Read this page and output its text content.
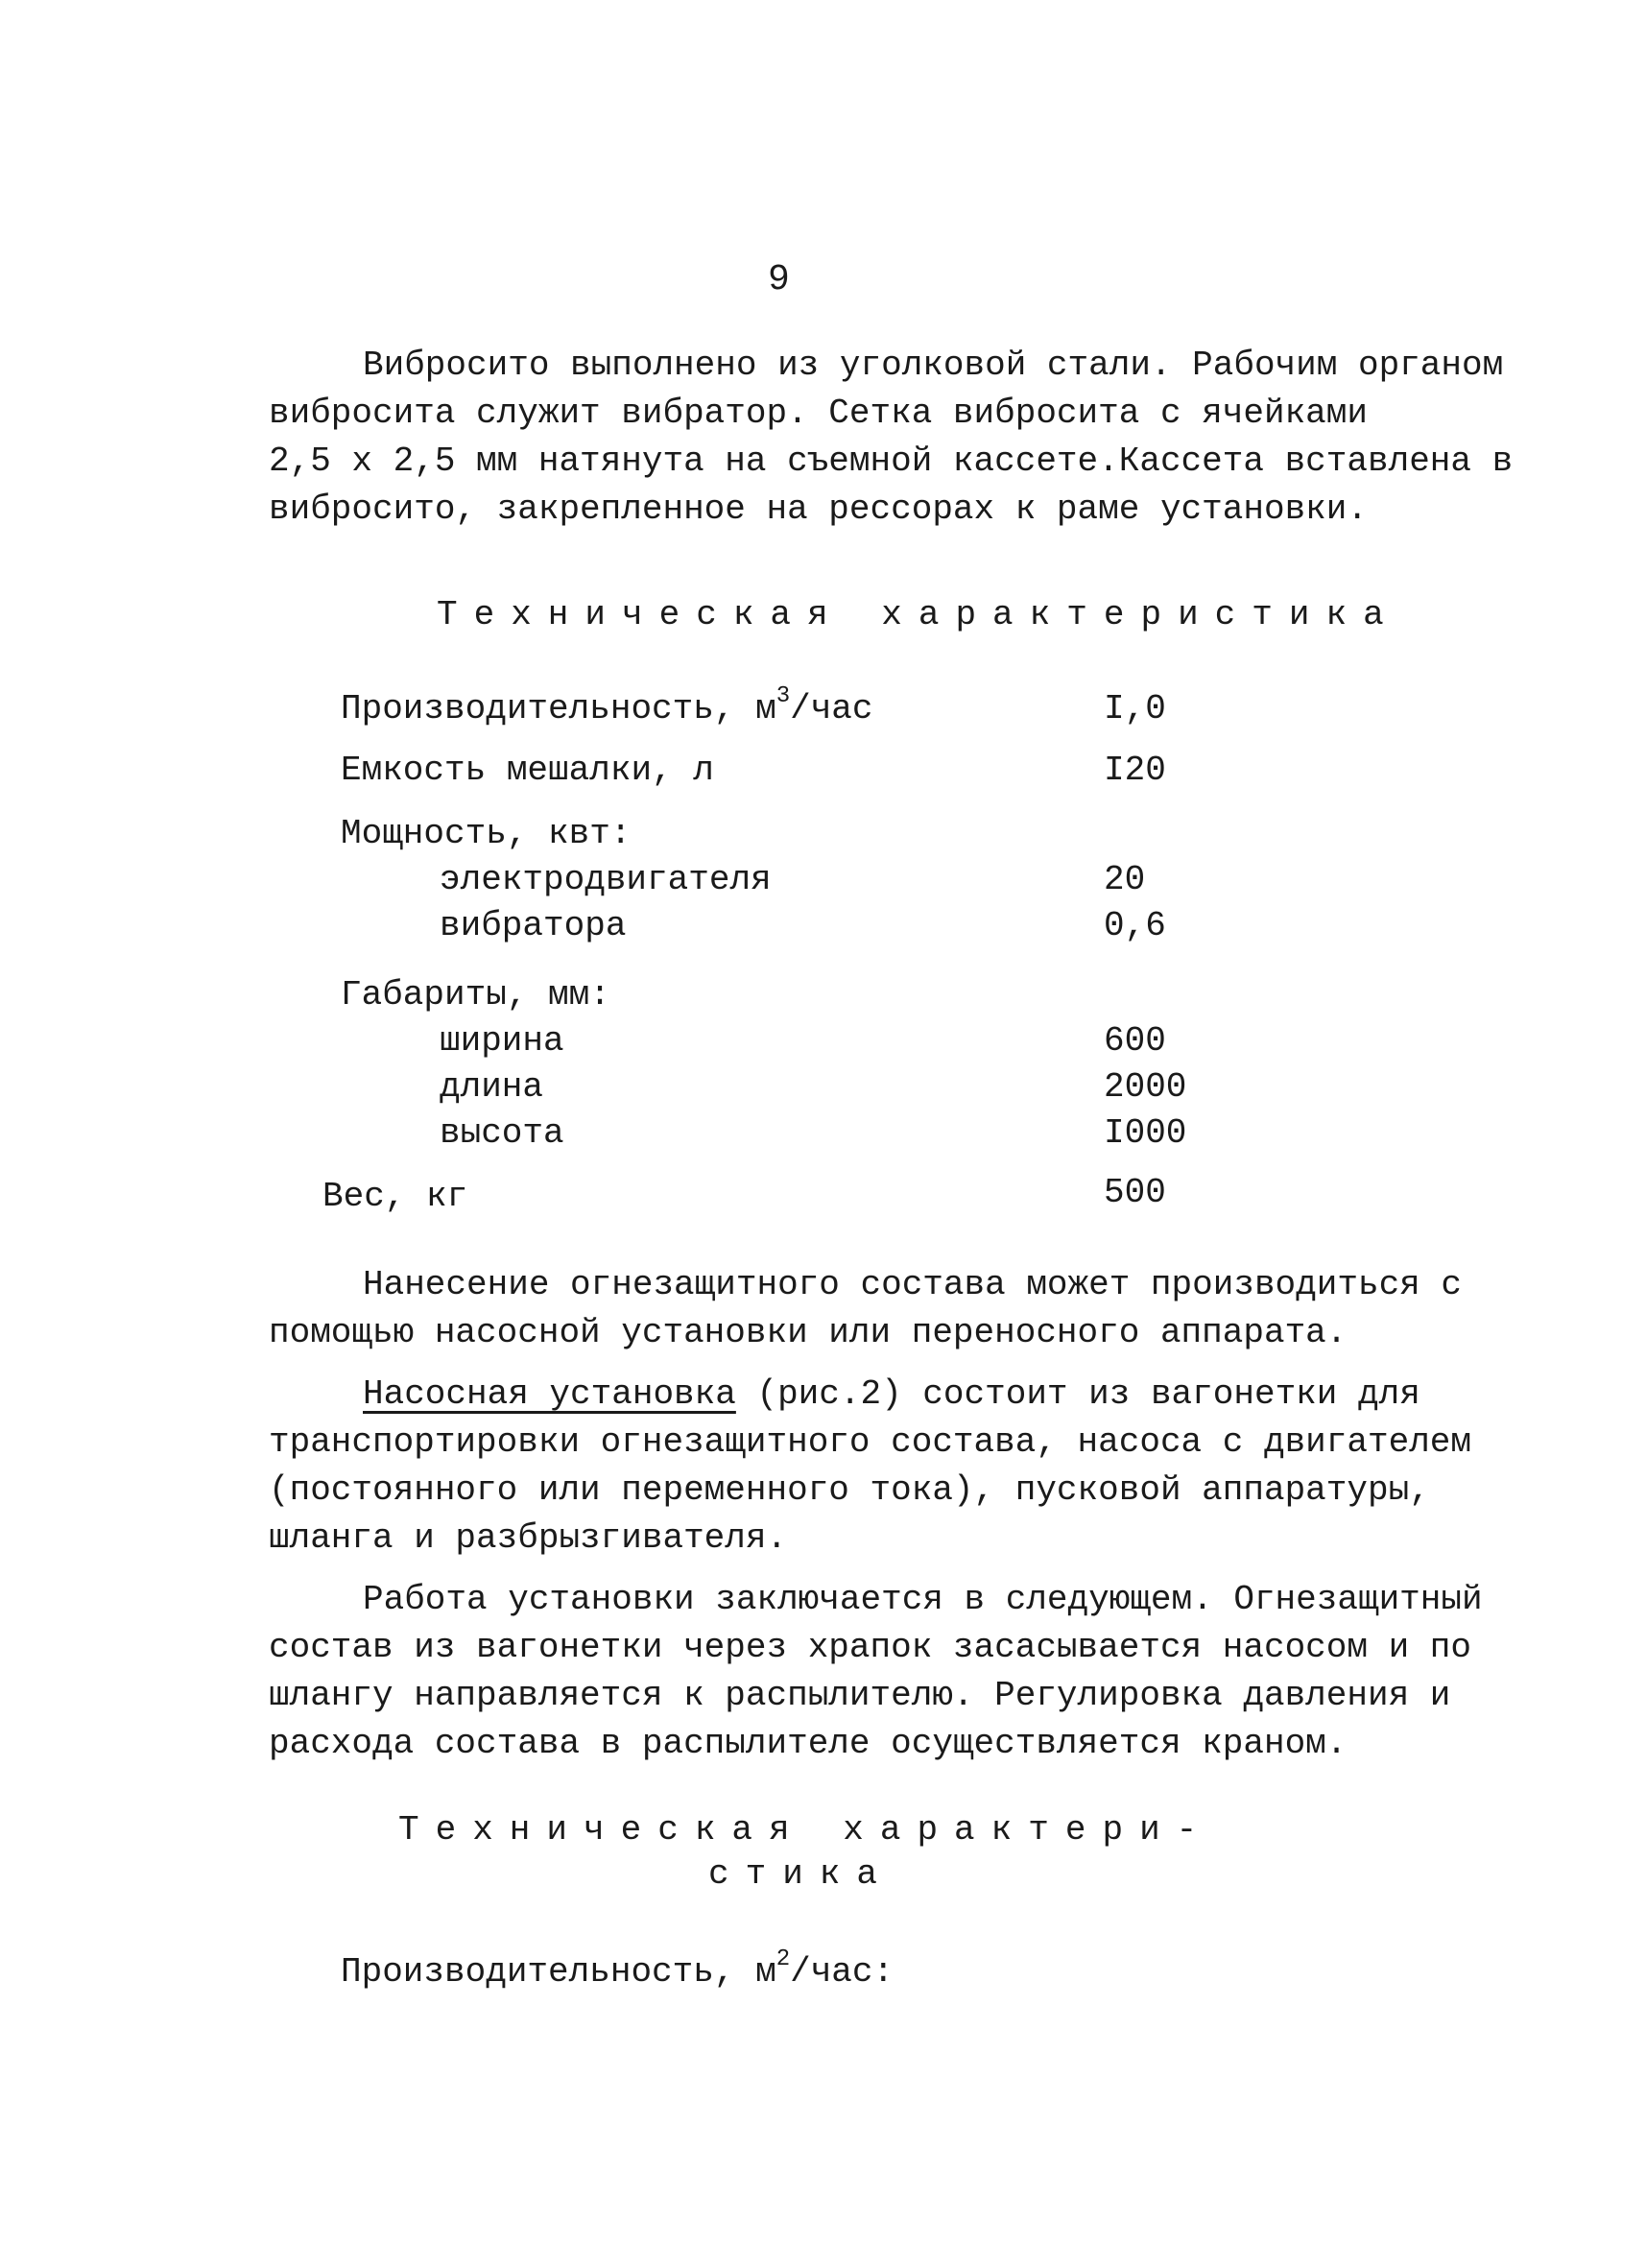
9
Вибросито выполнено из уголковой стали. Рабочим органом
вибросита служит вибратор. Сетка вибросита с ячейками
2,5 x 2,5 мм натянута на съемной кассете.Кассета вставлена в
вибросито, закрепленное на рессорах к раме установки.
Техническая характеристика
Производительность, $м^3$/час	I,0
Емкость мешалки, л	I20
Мощность, квт:
электродвигателя	20
вибратора	0,6
Габариты, мм:
ширина	600
длина	2000
высота	I000
Вес, кг	500
Нанесение огнезащитного состава может производиться с
помощью насосной установки или переносного аппарата.
Насосная установка (рис.2) состоит из вагонетки для
транспортировки огнезащитного состава, насоса с двигателем
(постоянного или переменного тока), пусковой аппаратуры,
шланга и разбрызгивателя.
Работа установки заключается в следующем. Огнезащитный
состав из вагонетки через храпок засасывается насосом и по
шлангу направляется к распылителю. Регулировка давления и
расхода состава в распылителе осуществляется краном.
Техническая характери-
стика
Производительность, $м^2$/час:
